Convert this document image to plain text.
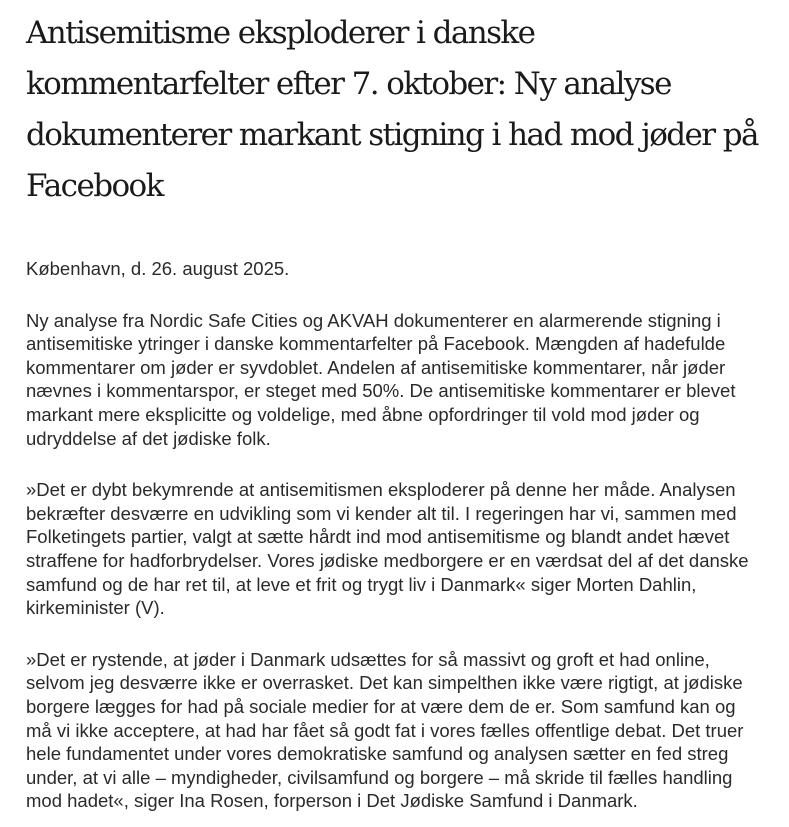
Antisemitisme eksploderer i danske kommentarfelter efter 7. oktober: Ny analyse dokumenterer markant stigning i had mod jøder på Facebook

København, d. 26. august 2025.

Ny analyse fra Nordic Safe Cities og AKVAH dokumenterer en alarmerende stigning i antisemitiske ytringer i danske kommentarfelter på Facebook. Mængden af hadefulde kommentarer om jøder er syvdoblet. Andelen af antisemitiske kommentarer, når jøder nævnes i kommentarspor, er steget med 50%. De antisemitiske kommentarer er blevet markant mere eksplicitte og voldelige, med åbne opfordringer til vold mod jøder og udryddelse af det jødiske folk.

»Det er dybt bekymrende at antisemitismen eksploderer på denne her måde. Analysen bekræfter desværre en udvikling som vi kender alt til. I regeringen har vi, sammen med Folketingets partier, valgt at sætte hårdt ind mod antisemitisme og blandt andet hævet straffene for hadforbrydelser. Vores jødiske medborgere er en værdsat del af det danske samfund og de har ret til, at leve et frit og trygt liv i Danmark« siger Morten Dahlin, kirkeminister (V).

»Det er rystende, at jøder i Danmark udsættes for så massivt og groft et had online, selvom jeg desværre ikke er overrasket. Det kan simpelthen ikke være rigtigt, at jødiske borgere lægges for had på sociale medier for at være dem de er. Som samfund kan og må vi ikke acceptere, at had har fået så godt fat i vores fælles offentlige debat. Det truer hele fundamentet under vores demokratiske samfund og analysen sætter en fed streg under, at vi alle – myndigheder, civilsamfund og borgere – må skride til fælles handling mod hadet«, siger Ina Rosen, forperson i Det Jødiske Samfund i Danmark.
